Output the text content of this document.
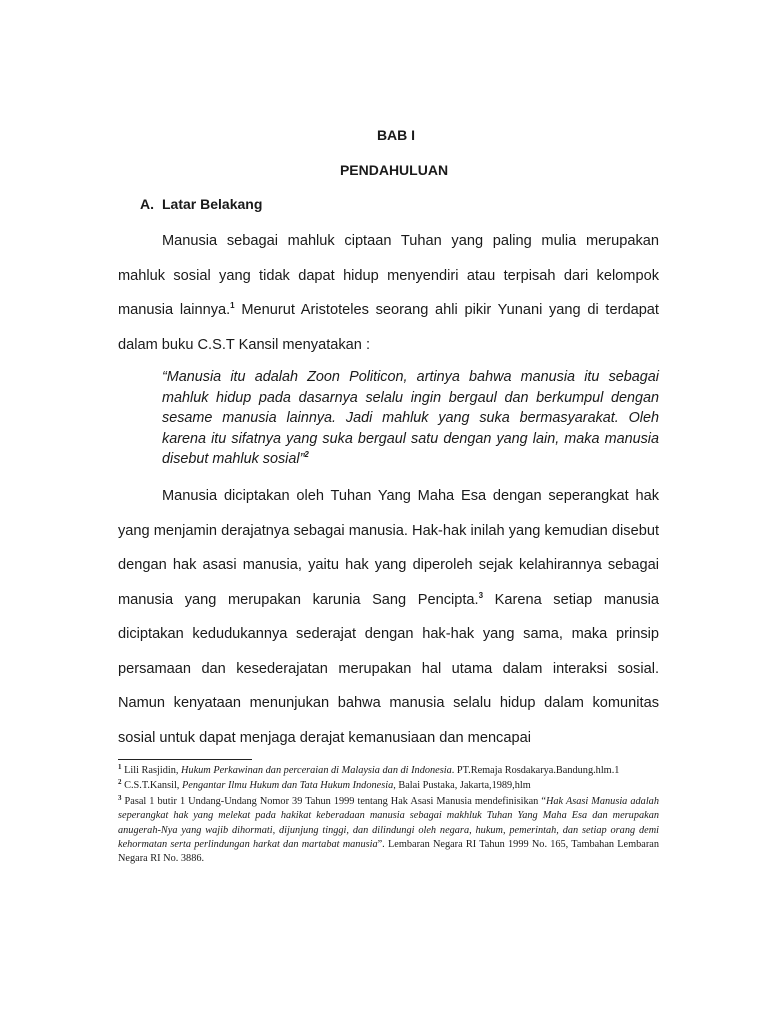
BAB I
PENDAHULUAN
A. Latar Belakang

Manusia sebagai mahluk ciptaan Tuhan yang paling mulia merupakan mahluk sosial yang tidak dapat hidup menyendiri atau terpisah dari kelompok manusia lainnya.$^1$ Menurut Aristoteles seorang ahli pikir Yunani yang di terdapat dalam buku C.S.T Kansil menyatakan :

“Manusia itu adalah Zoon Politicon, artinya bahwa manusia itu sebagai mahluk hidup pada dasarnya selalu ingin bergaul dan berkumpul dengan sesame manusia lainnya. Jadi mahluk yang suka bermasyarakat. Oleh karena itu sifatnya yang suka bergaul satu dengan yang lain, maka manusia disebut mahluk sosial”$^2$

Manusia diciptakan oleh Tuhan Yang Maha Esa dengan seperangkat hak yang menjamin derajatnya sebagai manusia. Hak-hak inilah yang kemudian disebut dengan hak asasi manusia, yaitu hak yang diperoleh sejak kelahirannya sebagai manusia yang merupakan karunia Sang Pencipta.$^3$ Karena setiap manusia diciptakan kedudukannya sederajat dengan hak-hak yang sama, maka prinsip persamaan dan kesederajatan merupakan hal utama dalam interaksi sosial. Namun kenyataan menunjukan bahwa manusia selalu hidup dalam komunitas sosial untuk dapat menjaga derajat kemanusiaan dan mencapai

$^1$ Lili Rasjidin, Hukum Perkawinan dan perceraian di Malaysia dan di Indonesia. PT.Remaja Rosdakarya.Bandung.hlm.1

$^2$ C.S.T.Kansil, Pengantar Ilmu Hukum dan Tata Hukum Indonesia, Balai Pustaka, Jakarta,1989,hlm

$^3$ Pasal 1 butir 1 Undang-Undang Nomor 39 Tahun 1999 tentang Hak Asasi Manusia mendefinisikan “Hak Asasi Manusia adalah seperangkat hak yang melekat pada hakikat keberadaan manusia sebagai makhluk Tuhan Yang Maha Esa dan merupakan anugerah-Nya yang wajib dihormati, dijunjung tinggi, dan dilindungi oleh negara, hukum, pemerintah, dan setiap orang demi kehormatan serta perlindungan harkat dan martabat manusia”. Lembaran Negara RI Tahun 1999 No. 165, Tambahan Lembaran Negara RI No. 3886.
